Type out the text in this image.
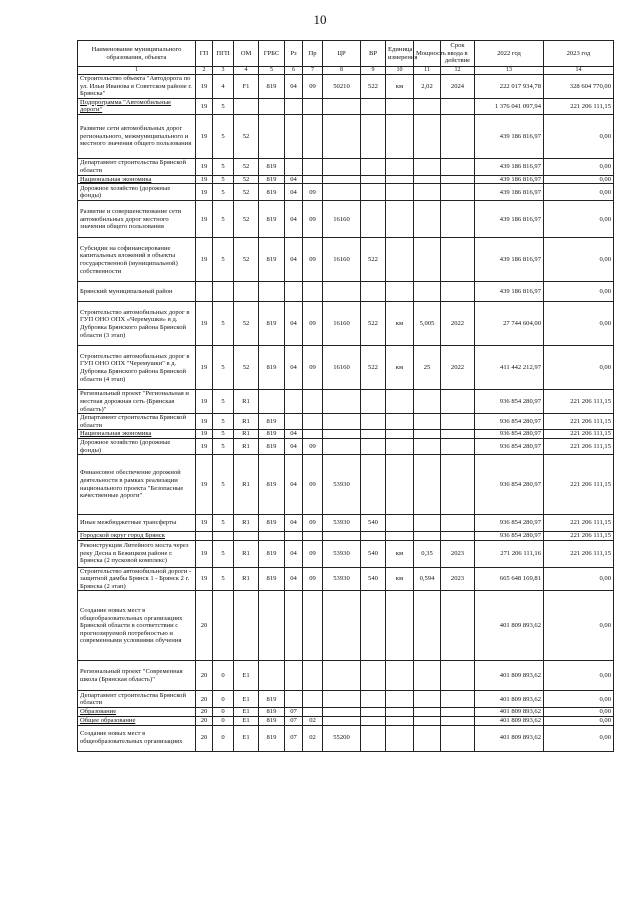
10
Наименование муниципального образования, объекта	ГП	ПГП	ОМ	ГРБС	Рз	Пр	ЦР	ВР	Единица измерения	Мощность	Срок ввода в действие	2022 год	2023 год
1	2	3	4	5	6	7	8	9	10	11	12	13	14
Строительство объекта "Автодорога по ул. Ильи Иванова в Советском районе г. Брянска"	19	4	F1	819	04	09	50210	522	км	2,02	2024	222 017 934,78	328 604 770,00
Подпрограмма "Автомобильные дороги"	19	5										1 376 041 097,94	221 206 111,15
Развитие сети автомобильных дорог регионального, межмуниципального и местного значения общего пользования	19	5	52									439 186 816,97	0,00
Департамент строительства Брянской области	19	5	52	819								439 186 816,97	0,00
Национальная экономика	19	5	52	819	04							439 186 816,97	0,00
Дорожное хозяйство (дорожные фонды)	19	5	52	819	04	09						439 186 816,97	0,00
Развитие и совершенствование сети автомобильных дорог местного значения общего пользования	19	5	52	819	04	09	16160					439 186 816,97	0,00
Субсидии на софинансирование капитальных вложений в объекты государственной (муниципальной) собственности	19	5	52	819	04	09	16160	522				439 186 816,97	0,00
Брянский муниципальный район												439 186 816,97	0,00
Строительство автомобильных дорог в ГУП ОНО ОПХ «Черемушки» в д. Дубровка Брянского района Брянской области (3 этап)	19	5	52	819	04	09	16160	522	км	5,005	2022	27 744 604,00	0,00
Строительство автомобильных дорог в ГУП ОНО ОПХ "Черемушки" в д. Дубровка Брянского района Брянской области (4 этап)	19	5	52	819	04	09	16160	522	км	25	2022	411 442 212,97	0,00
Региональный проект "Региональная и местная дорожная сеть (Брянская область)"	19	5	R1									936 854 280,97	221 206 111,15
Департамент строительства Брянской области	19	5	R1	819								936 854 280,97	221 206 111,15
Национальная экономика	19	5	R1	819	04							936 854 280,97	221 206 111,15
Дорожное хозяйство (дорожные фонды)	19	5	R1	819	04	09						936 854 280,97	221 206 111,15
Финансовое обеспечение дорожной деятельности в рамках реализации национального проекта "Безопасные качественные дороги"	19	5	R1	819	04	09	53930					936 854 280,97	221 206 111,15
Иные межбюджетные трансферты	19	5	R1	819	04	09	53930	540				936 854 280,97	221 206 111,15
Городской округ город Брянск												936 854 280,97	221 206 111,15
Реконструкция Литейного моста через реку Десна в Бежицком районе г. Брянска (2 пусковой комплекс)	19	5	R1	819	04	09	53930	540	км	0,35	2023	271 206 111,16	221 206 111,15
Строительство автомобильной дороги - защитной дамбы Брянск 1 - Брянск 2 г. Брянска (2 этап)	19	5	R1	819	04	09	53930	540	км	0,594	2023	665 648 169,81	0,00
Создание новых мест в общеобразовательных организациях Брянской области в соответствии с прогнозируемой потребностью и современными условиями обучения	20											401 809 893,62	0,00
Региональный проект "Современная школа (Брянская область)"	20	0	E1									401 809 893,62	0,00
Департамент строительства Брянской области	20	0	E1	819								401 809 893,62	0,00
Образование	20	0	E1	819	07							401 809 893,62	0,00
Общее образование	20	0	E1	819	07	02						401 809 893,62	0,00
Создание новых мест в общеобразовательных организациях	20	0	E1	819	07	02	55200					401 809 893,62	0,00
